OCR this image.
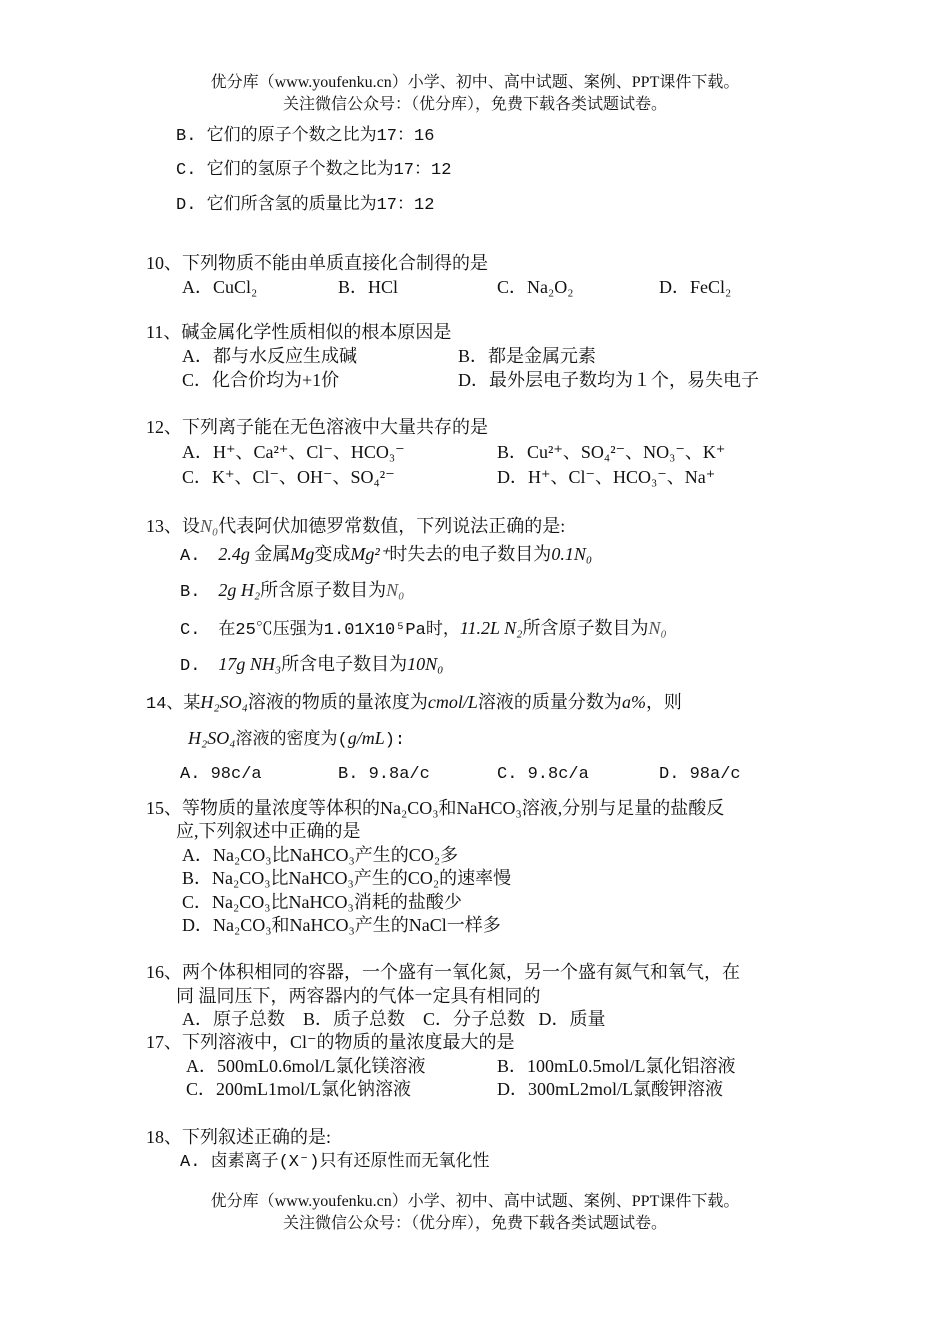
优分库（www.youfenku.cn）小学、初中、高中试题、案例、PPT课件下载。
关注微信公众号：（优分库），免费下载各类试题试卷。
B. 它们的原子个数之比为17：16
C. 它们的氢原子个数之比为17：12
D. 它们所含氢的质量比为17：12
10、下列物质不能由单质直接化合制得的是
A．CuCl₂	B．HCl	C．Na₂O₂	D．FeCl₂
11、碱金属化学性质相似的根本原因是
A．都与水反应生成碱	B．都是金属元素
C．化合价均为+1价	D．最外层电子数均为１个，易失电子
12、下列离子能在无色溶液中大量共存的是
A．H⁺、Ca²⁺、Cl⁻、HCO₃⁻	B．Cu²⁺、SO₄²⁻、NO₃⁻、K⁺
C．K⁺、Cl⁻、OH⁻、SO₄²⁻	D．H⁺、Cl⁻、HCO₃⁻、Na⁺
13、设N₀代表阿伏加德罗常数值，下列说法正确的是:
A. 2.4g 金属Mg变成Mg²⁺时失去的电子数目为0.1N₀
B. 2g H₂所含原子数目为N₀
C. 在25℃压强为1.01X10⁵Pa时，11.2L N₂所含原子数目为N₀
D. 17g NH₃所含电子数目为10N₀
14、某H₂SO₄溶液的物质的量浓度为cmol/L溶液的质量分数为a%，则
H₂SO₄溶液的密度为(g/mL):
A. 98c/a	B. 9.8a/c	C. 9.8c/a	D. 98a/c
15、等物质的量浓度等体积的Na₂CO₃和NaHCO₃溶液,分别与足量的盐酸反
应,下列叙述中正确的是
A．Na₂CO₃比NaHCO₃产生的CO₂多
B．Na₂CO₃比NaHCO₃产生的CO₂的速率慢
C．Na₂CO₃比NaHCO₃消耗的盐酸少
D．Na₂CO₃和NaHCO₃产生的NaCl一样多
16、两个体积相同的容器，一个盛有一氧化氮，另一个盛有氮气和氧气，在
同 温同压下，两容器内的气体一定具有相同的
A．原子总数    B．质子总数    C．分子总数   D．质量
17、下列溶液中，Cl⁻的物质的量浓度最大的是
A．500mL0.6mol/L氯化镁溶液	B．100mL0.5mol/L氯化铝溶液
C．200mL1mol/L氯化钠溶液	D．300mL2mol/L氯酸钾溶液
18、下列叙述正确的是:
A. 卤素离子(X⁻)只有还原性而无氧化性
优分库（www.youfenku.cn）小学、初中、高中试题、案例、PPT课件下载。
关注微信公众号：（优分库），免费下载各类试题试卷。
